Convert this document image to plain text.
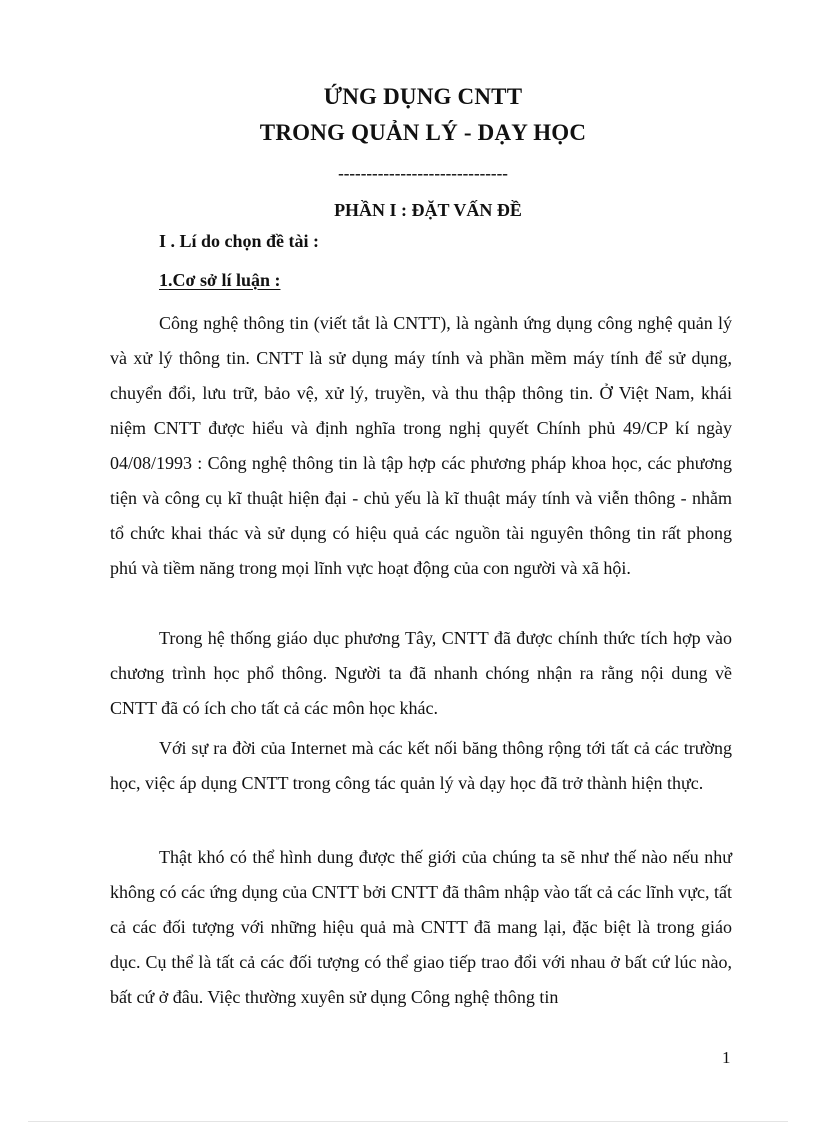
ỨNG DỤNG CNTT
TRONG QUẢN LÝ - DẠY HỌC
------------------------------
PHẦN I : ĐẶT VẤN ĐỀ
I . Lí do chọn đề tài :
1.Cơ sở lí luận :

Công nghệ thông tin (viết tắt là CNTT), là ngành ứng dụng công nghệ quản lý và xử lý thông tin. CNTT là sử dụng máy tính và phần mềm máy tính để sử dụng, chuyển đổi, lưu trữ, bảo vệ, xử lý, truyền, và thu thập thông tin. Ở Việt Nam, khái niệm CNTT được hiểu và định nghĩa trong nghị quyết Chính phủ 49/CP kí ngày 04/08/1993 : Công nghệ thông tin là tập hợp các phương pháp khoa học, các phương tiện và công cụ kĩ thuật hiện đại - chủ yếu là kĩ thuật máy tính và viễn thông - nhằm tổ chức khai thác và sử dụng có hiệu quả các nguồn tài nguyên thông tin rất phong phú và tiềm năng trong mọi lĩnh vực hoạt động của con người và xã hội.

Trong hệ thống giáo dục phương Tây, CNTT đã được chính thức tích hợp vào chương trình học phổ thông. Người ta đã nhanh chóng nhận ra rằng nội dung về CNTT đã có ích cho tất cả các môn học khác.

Với sự ra đời của Internet mà các kết nối băng thông rộng tới tất cả các trường học, việc áp dụng CNTT trong công tác quản lý và dạy học đã trở thành hiện thực.

Thật khó có thể hình dung được thế giới của chúng ta sẽ như thế nào nếu như không có các ứng dụng của CNTT bởi CNTT đã thâm nhập vào tất cả các lĩnh vực, tất cả các đối tượng với những hiệu quả mà CNTT đã mang lại, đặc biệt là trong giáo dục. Cụ thể là tất cả các đối tượng có thể giao tiếp trao đổi với nhau ở bất cứ lúc nào, bất cứ ở đâu. Việc thường xuyên sử dụng Công nghệ thông tin

1
